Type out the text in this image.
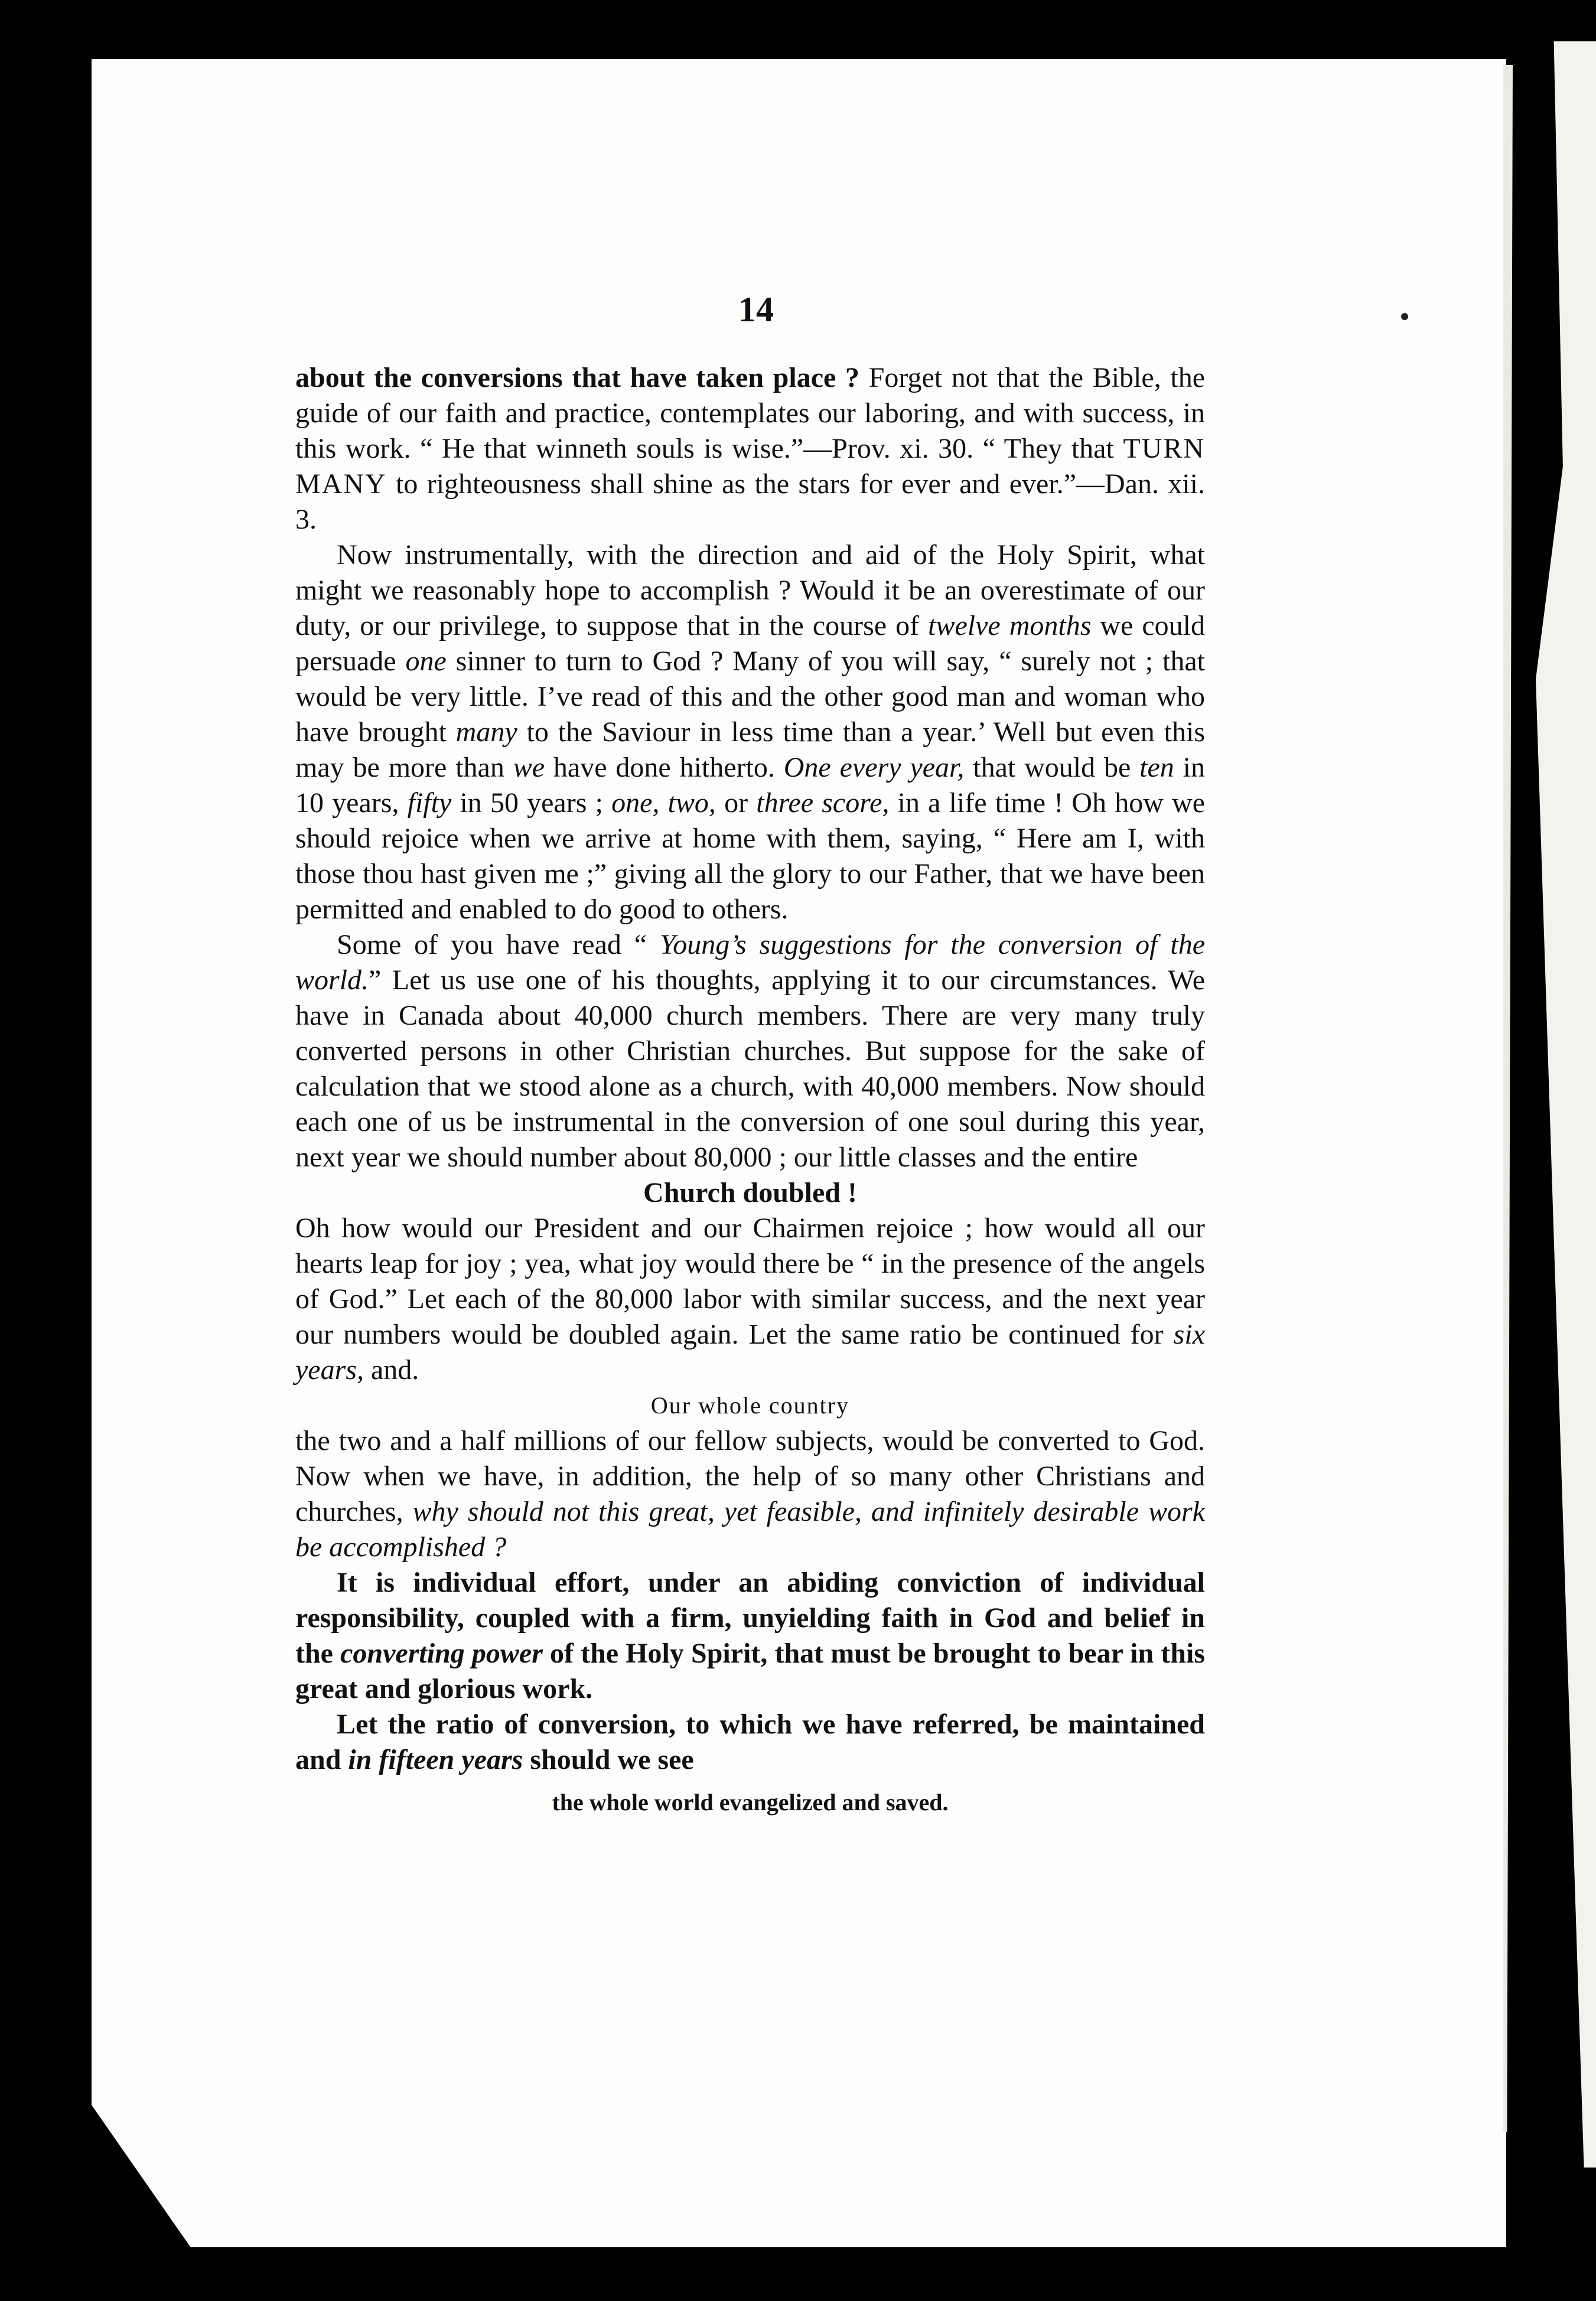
14

about the conversions that have taken place ? Forget not that the Bible, the guide of our faith and practice, contemplates our laboring, and with success, in this work. “ He that winneth souls is wise.”—Prov. xi. 30. “ They that TURN MANY to righteousness shall shine as the stars for ever and ever.”—Dan. xii. 3.

Now instrumentally, with the direction and aid of the Holy Spirit, what might we reasonably hope to accomplish ? Would it be an overestimate of our duty, or our privilege, to suppose that in the course of twelve months we could persuade one sinner to turn to God ? Many of you will say, “ surely not ; that would be very little. I’ve read of this and the other good man and woman who have brought many to the Saviour in less time than a year.’ Well but even this may be more than we have done hitherto. One every year, that would be ten in 10 years, fifty in 50 years ; one, two, or three score, in a life time ! Oh how we should rejoice when we arrive at home with them, saying, “ Here am I, with those thou hast given me ;” giving all the glory to our Father, that we have been permitted and enabled to do good to others.

Some of you have read “ Young’s suggestions for the conversion of the world.” Let us use one of his thoughts, applying it to our circumstances. We have in Canada about 40,000 church members. There are very many truly converted persons in other Christian churches. But suppose for the sake of calculation that we stood alone as a church, with 40,000 members. Now should each one of us be instrumental in the conversion of one soul during this year, next year we should number about 80,000 ; our little classes and the entire

Church doubled !

Oh how would our President and our Chairmen rejoice ; how would all our hearts leap for joy ; yea, what joy would there be “ in the presence of the angels of God.” Let each of the 80,000 labor with similar success, and the next year our numbers would be doubled again. Let the same ratio be continued for six years, and.

Our whole country

the two and a half millions of our fellow subjects, would be converted to God. Now when we have, in addition, the help of so many other Christians and churches, why should not this great, yet feasible, and infinitely desirable work be accomplished ?

It is individual effort, under an abiding conviction of individual responsibility, coupled with a firm, unyielding faith in God and belief in the converting power of the Holy Spirit, that must be brought to bear in this great and glorious work.

Let the ratio of conversion, to which we have referred, be maintained and in fifteen years should we see

the whole world evangelized and saved.
